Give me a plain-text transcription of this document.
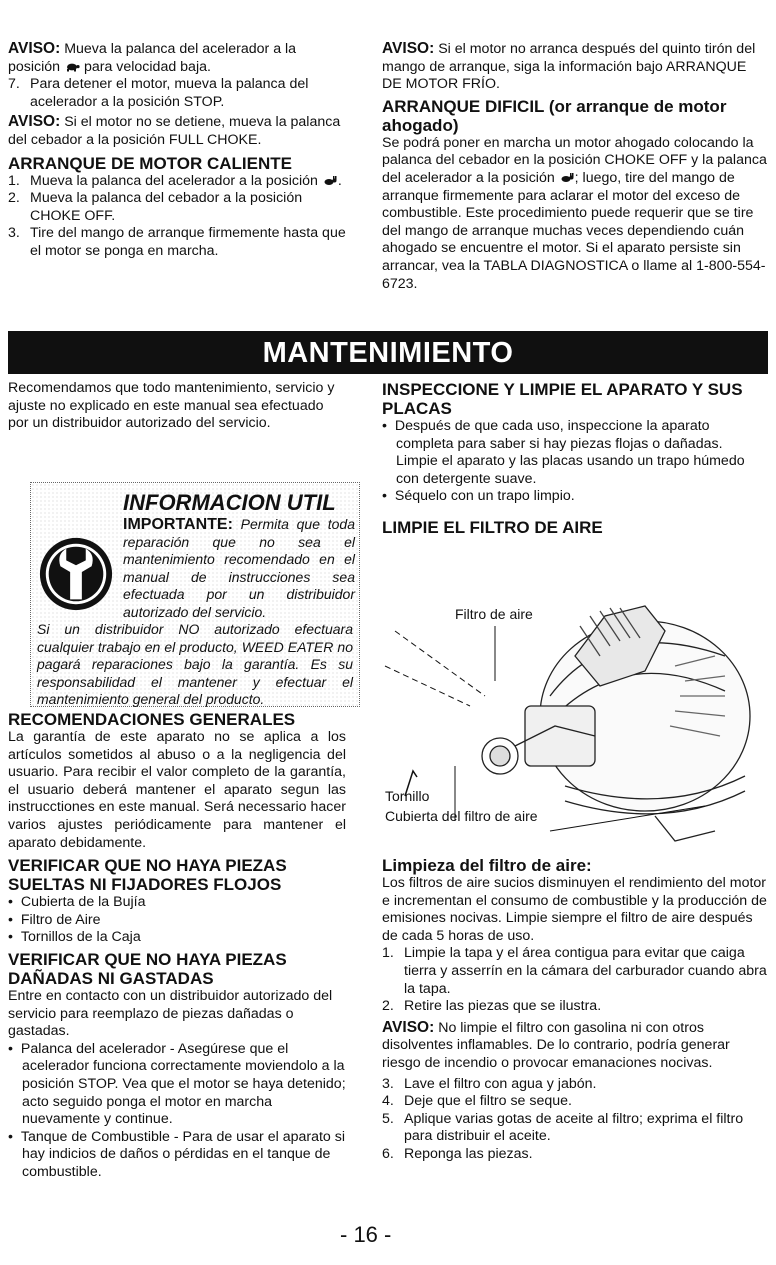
AVISO: Mueva la palanca del acelerador a la posición  para velocidad baja.

7. Para detener el motor, mueva la palanca del acelerador a la posición STOP.

AVISO: Si el motor no se detiene, mueva la palanca del cebador a la posición FULL CHOKE.

ARRANQUE DE MOTOR CALIENTE

1. Mueva la palanca del acelerador a la posición .

2. Mueva la palanca del cebador a la posición CHOKE OFF.

3. Tire del mango de arranque firmemente hasta que el motor se ponga en marcha.

AVISO: Si el motor no arranca después del quinto tirón del mango de arranque, siga la información bajo ARRANQUE DE MOTOR FRÍO.

ARRANQUE DIFICIL (or arranque de motor ahogado)

Se podrá poner en marcha un motor ahogado colocando la palanca del cebador en la posición CHOKE OFF y la palanca del acelerador a la posición ; luego, tire del mango de arranque firmemente para aclarar el motor del exceso de combustible. Este procedimiento puede requerir que se tire del mango de arranque muchas veces dependiendo cuán ahogado se encuentre el motor. Si el aparato persiste sin arrancar, vea la TABLA DIAGNOSTICA o llame al 1-800-554-6723.

MANTENIMIENTO

Recomendamos que todo mantenimiento, servicio y ajuste no explicado en este manual sea efectuado por un distribuidor autorizado del servicio.

INFORMACION UTIL
IMPORTANTE: Permita que toda reparación que no sea el mantenimiento recomendado en el manual de instrucciones sea efectuada por un distribuidor autorizado del servicio.
Si un distribuidor NO autorizado efectuara cualquier trabajo en el producto, WEED EATER no pagará reparaciones bajo la garantía. Es su responsabilidad el mantener y efectuar el mantenimiento general del producto.

RECOMENDACIONES GENERALES

La garantía de este aparato no se aplica a los artículos sometidos al abuso o a la negligencia del usuario. Para recibir el valor completo de la garantía, el usuario deberá mantener el aparato segun las instrucctiones en este manual. Será necessario hacer varios ajustes periódicamente para mantener el aparato debidamente.

VERIFICAR QUE NO HAYA PIEZAS SUELTAS NI FIJADORES FLOJOS

•  Cubierta de la Bujía

•  Filtro de Aire

•  Tornillos de la Caja

VERIFICAR QUE NO HAYA PIEZAS DAÑADAS NI GASTADAS

Entre en contacto con un distribuidor autorizado del servicio para reemplazo de piezas dañadas o gastadas.

•  Palanca del acelerador - Asegúrese que el acelerador funciona correctamente moviendolo a la posición STOP. Vea que el motor se haya detenido; acto seguido ponga el motor en marcha nuevamente y continue.

•  Tanque de Combustible - Para de usar el aparato si hay indicios de daños o pérdidas en el tanque de combustible.

INSPECCIONE Y LIMPIE EL APARATO Y SUS PLACAS

•  Después de que cada uso, inspeccione la aparato completa para saber si hay piezas flojas o dañadas. Limpie el aparato y las placas usando un trapo húmedo con detergente suave.

•  Séquelo con un trapo limpio.

LIMPIE EL FILTRO DE AIRE

Filtro de aire
Tornillo
Cubierta del filtro de aire

Limpieza del filtro de aire:

Los filtros de aire sucios disminuyen el rendimiento del motor e incrementan el consumo de combustible y la producción de emisiones nocivas. Limpie siempre el filtro de aire después de cada 5 horas de uso.

1. Limpie la tapa y el área contigua para evitar que caiga tierra y asserrín en la cámara del carburador cuando abra la tapa.

2. Retire las piezas que se ilustra.

AVISO: No limpie el filtro con gasolina ni con otros disolventes inflamables. De lo contrario, podría generar riesgo de incendio o provocar emanaciones nocivas.

3. Lave el filtro con agua y jabón.

4. Deje que el filtro se seque.

5. Aplique varias gotas de aceite al filtro; exprima el filtro para distribuir el aceite.

6. Reponga las piezas.

- 16 -
